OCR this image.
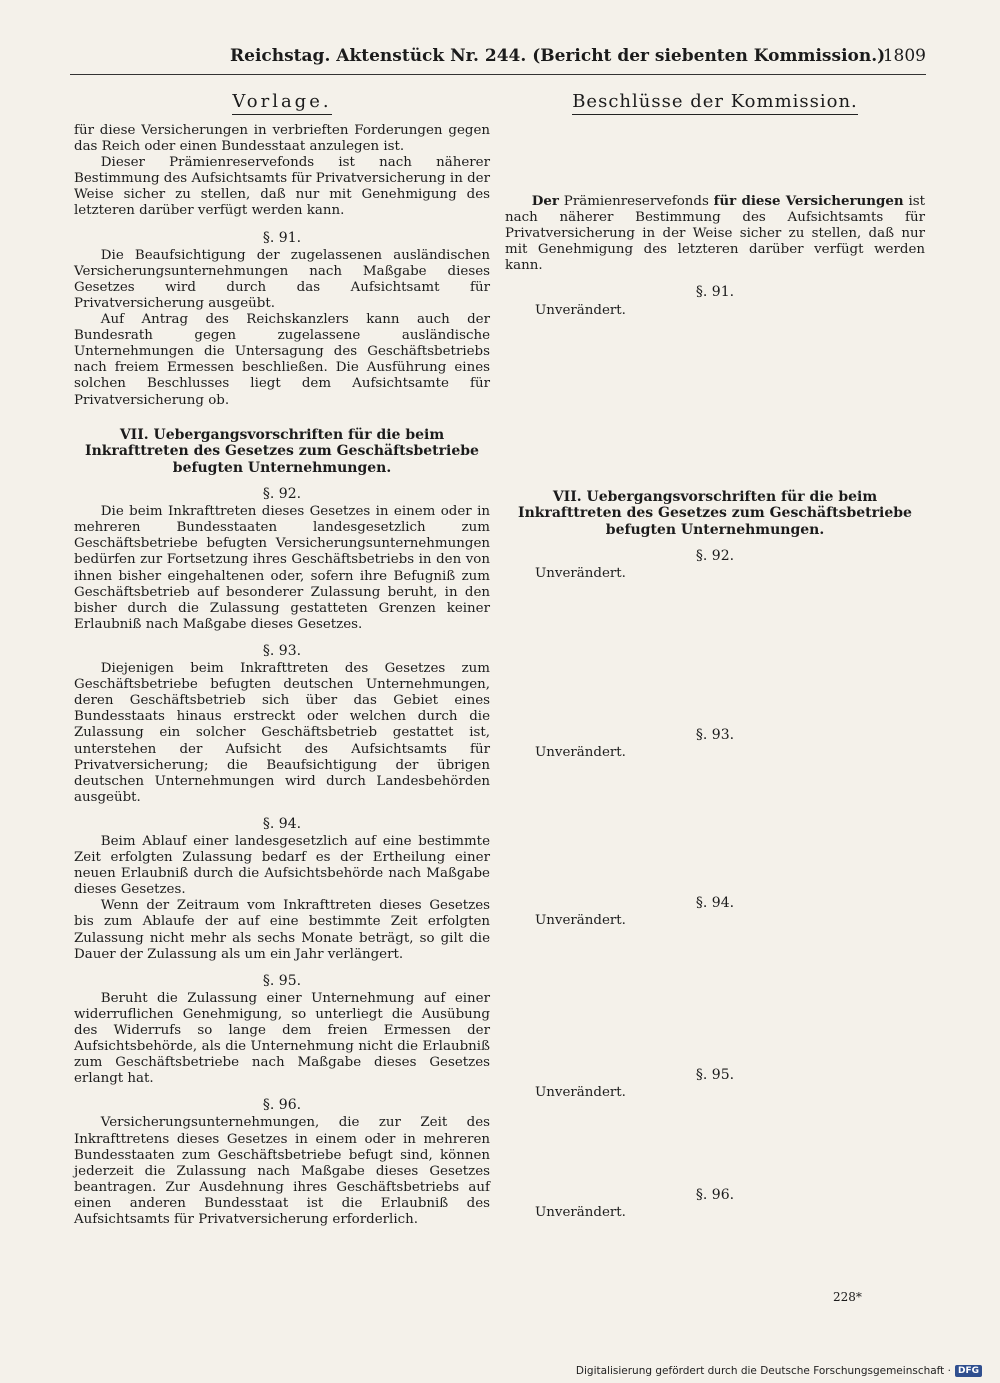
Reichstag. Aktenstück Nr. 244. (Bericht der siebenten Kommission.)
1809
Vorlage.

für diese Versicherungen in verbrieften Forderungen gegen das Reich oder einen Bundesstaat anzulegen ist.

Dieser Prämienreservefonds ist nach näherer Bestimmung des Aufsichtsamts für Privatversicherung in der Weise sicher zu stellen, daß nur mit Genehmigung des letzteren darüber verfügt werden kann.

§. 91.

Die Beaufsichtigung der zugelassenen ausländischen Versicherungsunternehmungen nach Maßgabe dieses Gesetzes wird durch das Aufsichtsamt für Privatversicherung ausgeübt.

Auf Antrag des Reichskanzlers kann auch der Bundesrath gegen zugelassene ausländische Unternehmungen die Untersagung des Geschäftsbetriebs nach freiem Ermessen beschließen. Die Ausführung eines solchen Beschlusses liegt dem Aufsichtsamte für Privatversicherung ob.

VII. Uebergangsvorschriften für die beim Inkrafttreten des Gesetzes zum Geschäftsbetriebe befugten Unternehmungen.
§. 92.

Die beim Inkrafttreten dieses Gesetzes in einem oder in mehreren Bundesstaaten landesgesetzlich zum Geschäftsbetriebe befugten Versicherungsunternehmungen bedürfen zur Fortsetzung ihres Geschäftsbetriebs in den von ihnen bisher eingehaltenen oder, sofern ihre Befugniß zum Geschäftsbetrieb auf besonderer Zulassung beruht, in den bisher durch die Zulassung gestatteten Grenzen keiner Erlaubniß nach Maßgabe dieses Gesetzes.

§. 93.

Diejenigen beim Inkrafttreten des Gesetzes zum Geschäftsbetriebe befugten deutschen Unternehmungen, deren Geschäftsbetrieb sich über das Gebiet eines Bundesstaats hinaus erstreckt oder welchen durch die Zulassung ein solcher Geschäftsbetrieb gestattet ist, unterstehen der Aufsicht des Aufsichtsamts für Privatversicherung; die Beaufsichtigung der übrigen deutschen Unternehmungen wird durch Landesbehörden ausgeübt.

§. 94.

Beim Ablauf einer landesgesetzlich auf eine bestimmte Zeit erfolgten Zulassung bedarf es der Ertheilung einer neuen Erlaubniß durch die Aufsichtsbehörde nach Maßgabe dieses Gesetzes.

Wenn der Zeitraum vom Inkrafttreten dieses Gesetzes bis zum Ablaufe der auf eine bestimmte Zeit erfolgten Zulassung nicht mehr als sechs Monate beträgt, so gilt die Dauer der Zulassung als um ein Jahr verlängert.

§. 95.

Beruht die Zulassung einer Unternehmung auf einer widerruflichen Genehmigung, so unterliegt die Ausübung des Widerrufs so lange dem freien Ermessen der Aufsichtsbehörde, als die Unternehmung nicht die Erlaubniß zum Geschäftsbetriebe nach Maßgabe dieses Gesetzes erlangt hat.

§. 96.

Versicherungsunternehmungen, die zur Zeit des Inkrafttretens dieses Gesetzes in einem oder in mehreren Bundesstaaten zum Geschäftsbetriebe befugt sind, können jederzeit die Zulassung nach Maßgabe dieses Gesetzes beantragen. Zur Ausdehnung ihres Geschäftsbetriebs auf einen anderen Bundesstaat ist die Erlaubniß des Aufsichtsamts für Privatversicherung erforderlich.

Beschlüsse der Kommission.

Der Prämienreservefonds für diese Versicherungen ist nach näherer Bestimmung des Aufsichtsamts für Privatversicherung in der Weise sicher zu stellen, daß nur mit Genehmigung des letzteren darüber verfügt werden kann.

§. 91.

Unverändert.

VII. Uebergangsvorschriften für die beim Inkrafttreten des Gesetzes zum Geschäftsbetriebe befugten Unternehmungen.
§. 92.

Unverändert.

§. 93.

Unverändert.

§. 94.

Unverändert.

§. 95.

Unverändert.

§. 96.

Unverändert.

228*
Digitalisierung gefördert durch die Deutsche Forschungsgemeinschaft · DFG
